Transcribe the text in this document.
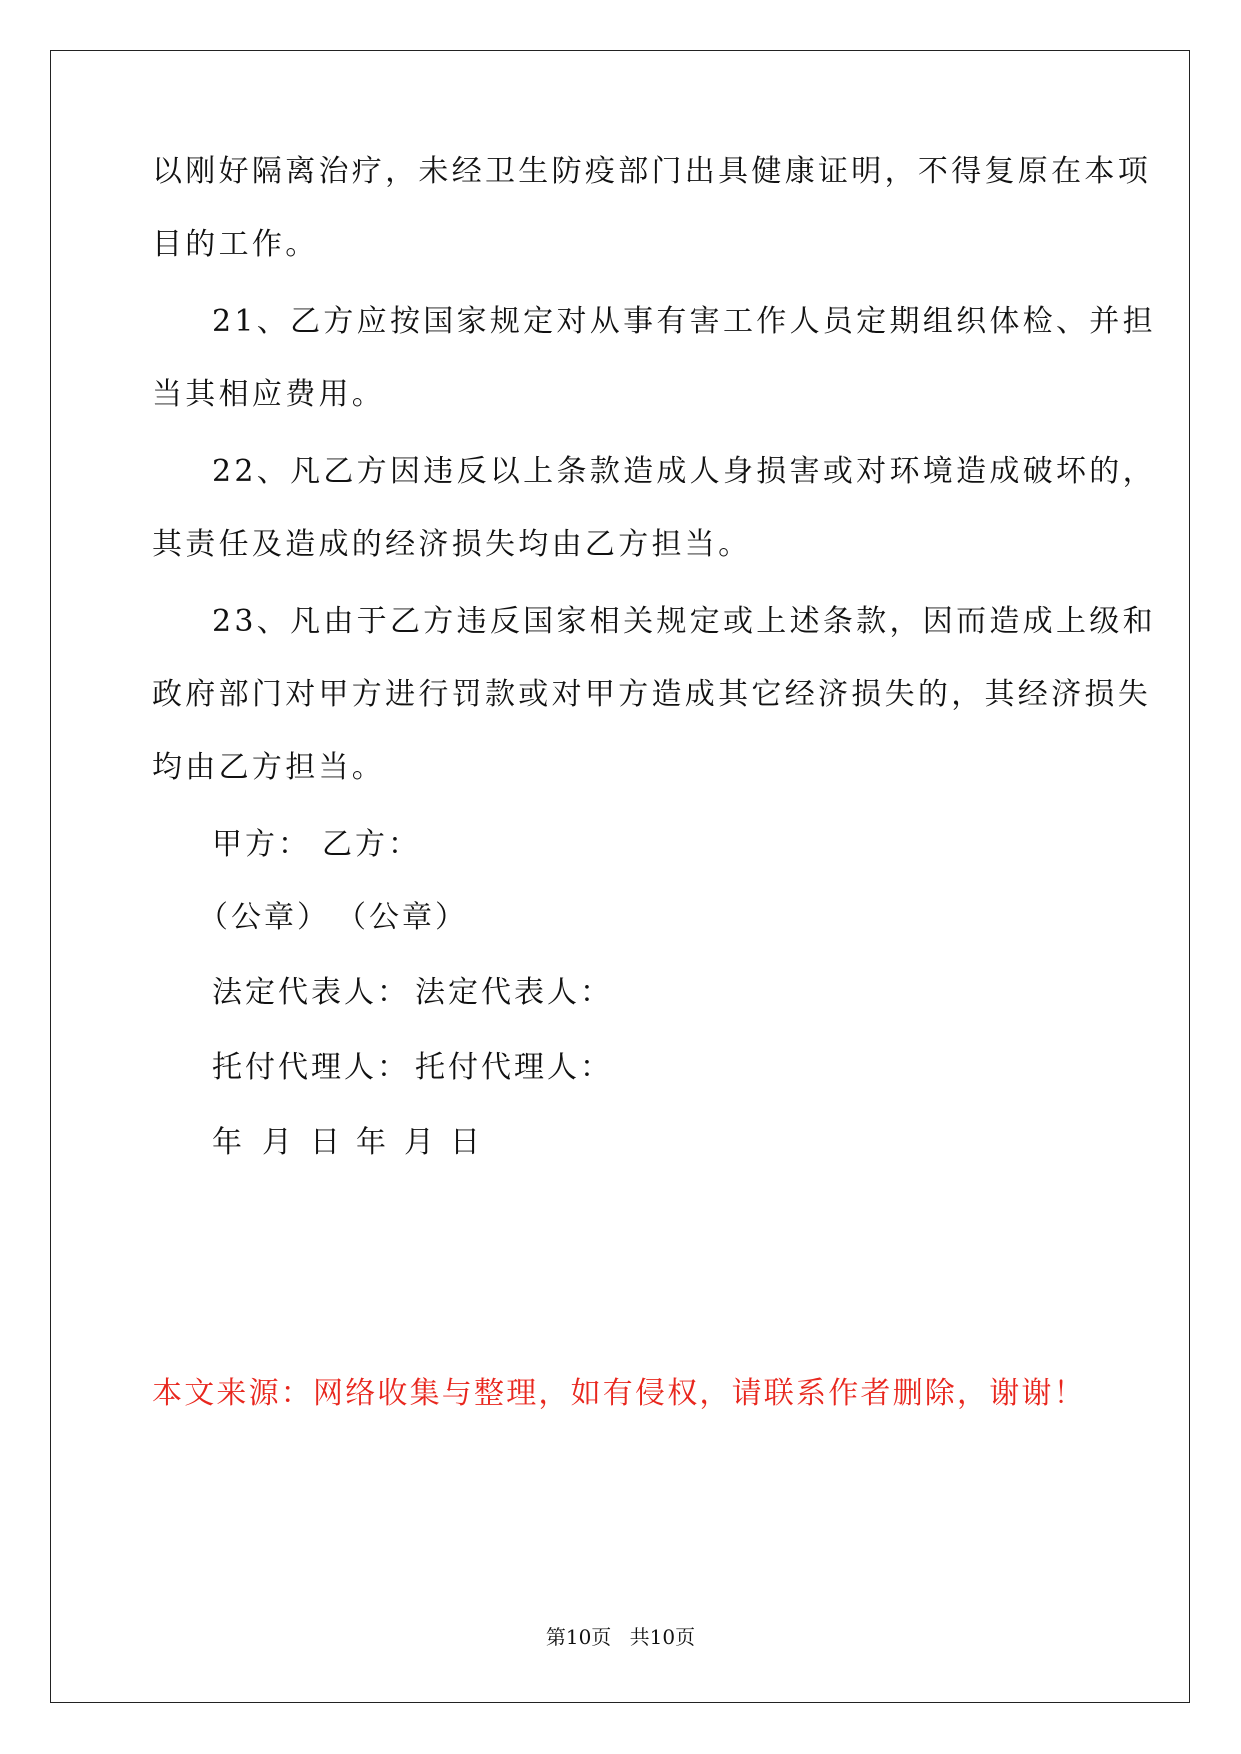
以刚好隔离治疗，未经卫生防疫部门出具健康证明，不得复原在本项
目的工作。
21、乙方应按国家规定对从事有害工作人员定期组织体检、并担
当其相应费用。
22、凡乙方因违反以上条款造成人身损害或对环境造成破坏的，
其责任及造成的经济损失均由乙方担当。
23、凡由于乙方违反国家相关规定或上述条款，因而造成上级和
政府部门对甲方进行罚款或对甲方造成其它经济损失的，其经济损失
均由乙方担当。
甲方： 乙方：
（公章） （公章）
法定代表人： 法定代表人：
托付代理人： 托付代理人：
年 月 日 年 月 日
本文来源：网络收集与整理，如有侵权，请联系作者删除，谢谢！
第10页 共10页
